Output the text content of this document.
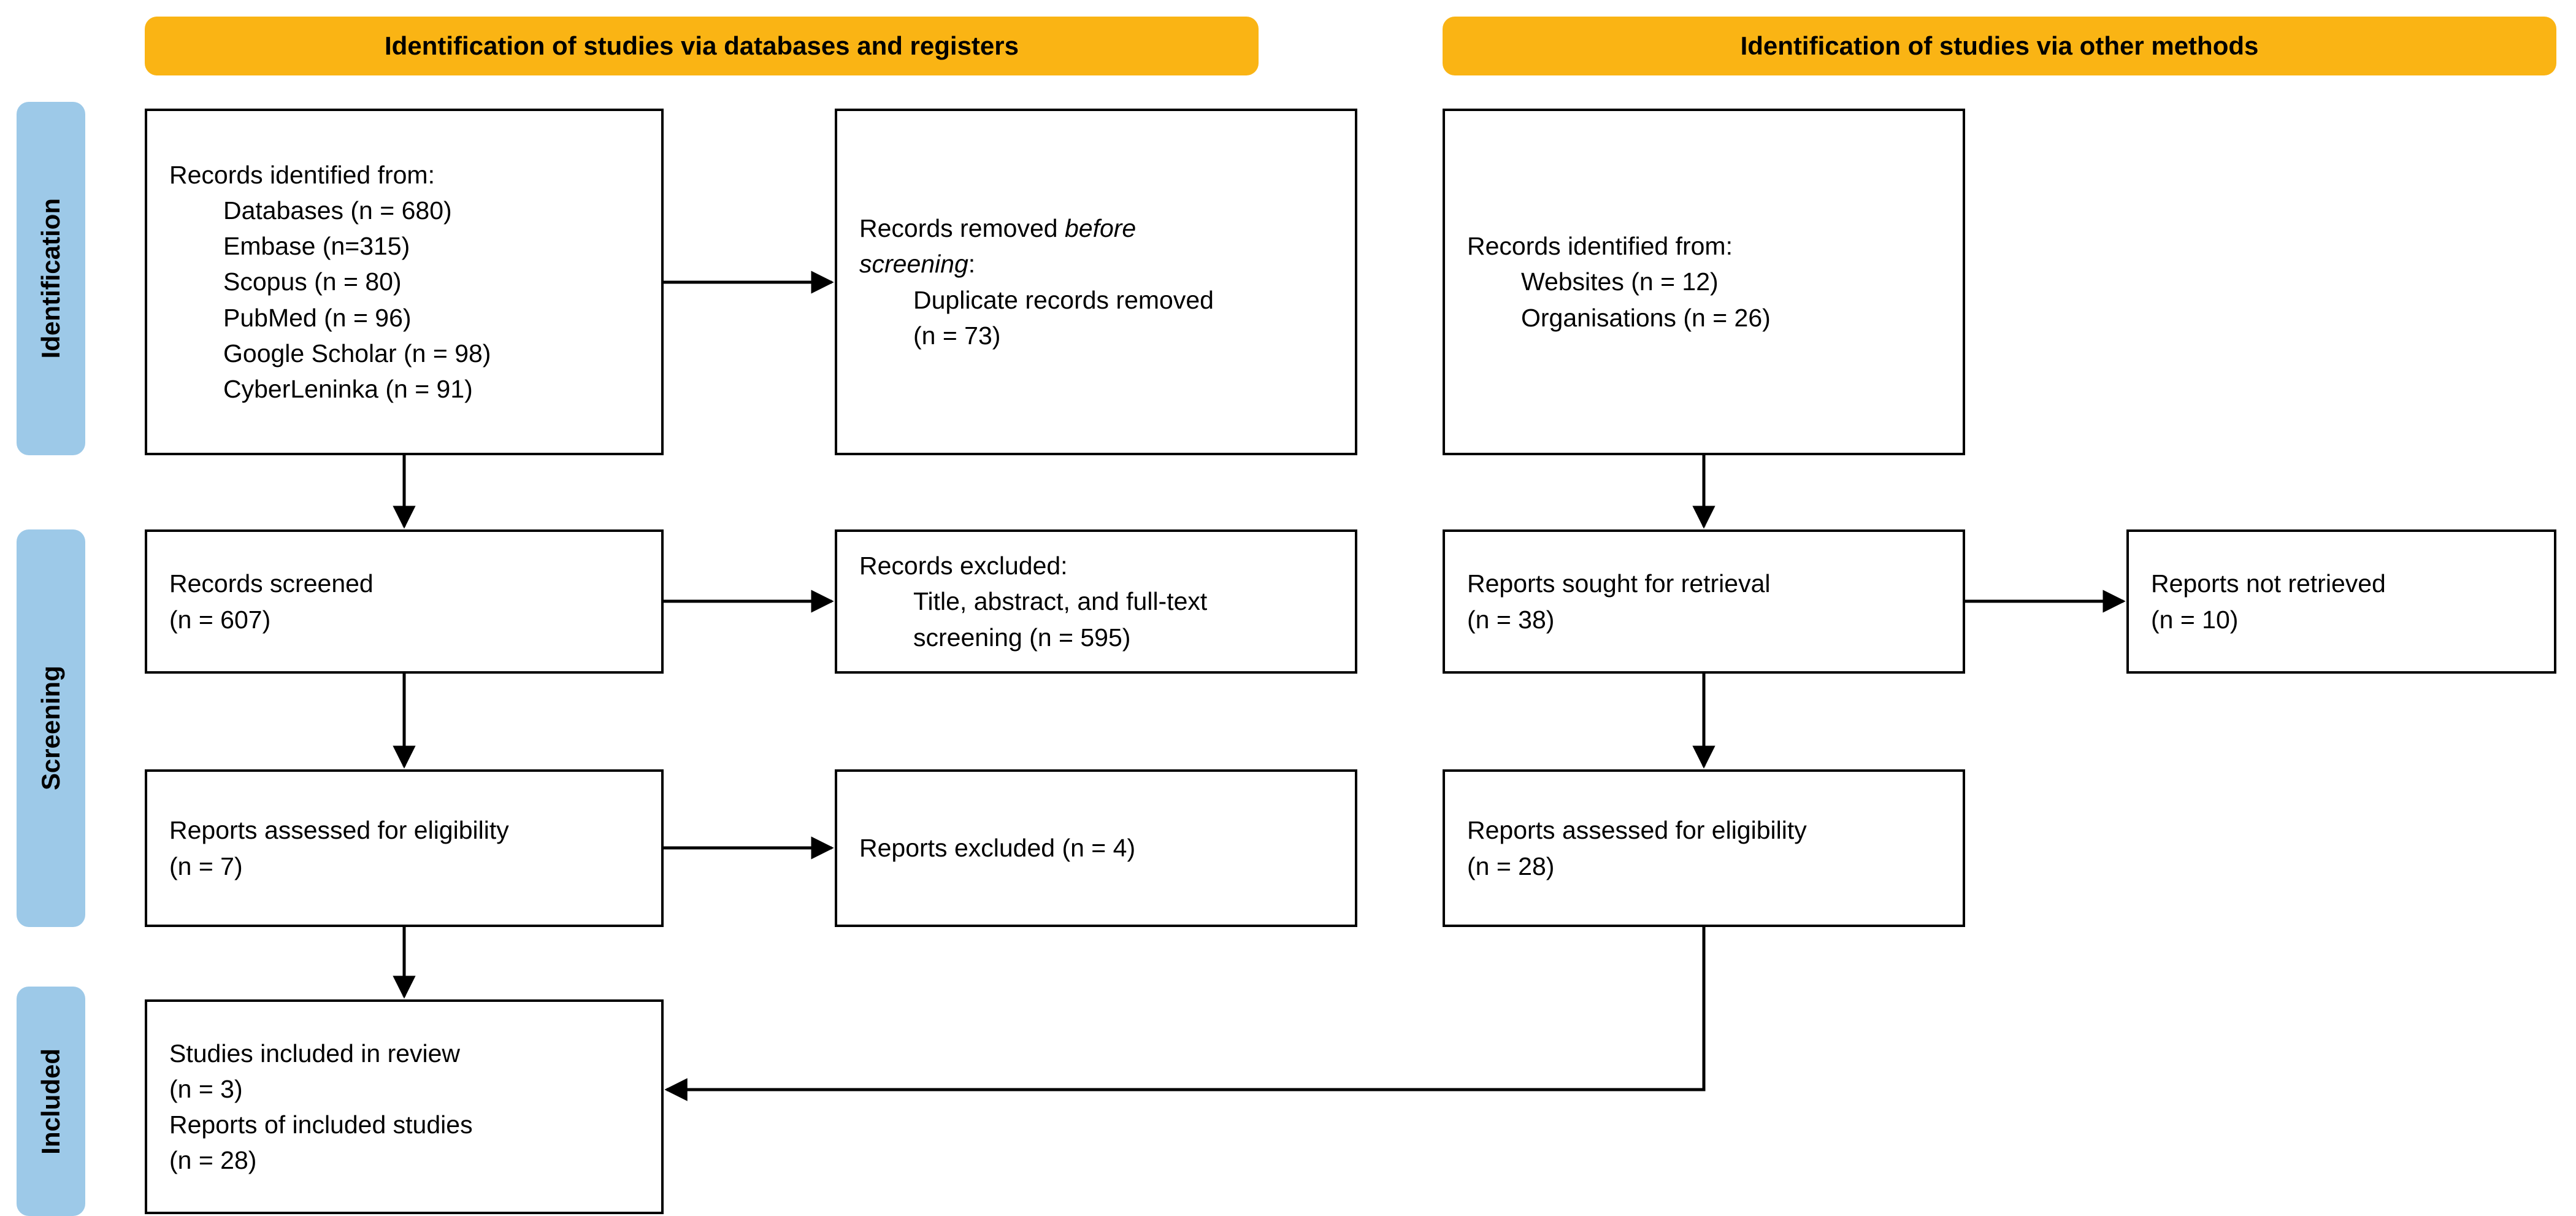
Identification of studies via databases and registers	Identification of studies via other methods
Identification
Screening
Included
Records identified from:
Databases (n = 680)
Embase (n=315)
Scopus (n = 80)
PubMed (n = 96)
Google Scholar (n = 98)
CyberLeninka (n = 91)
Records removed before
screening:
Duplicate records removed
(n = 73)
Records identified from:
Websites (n = 12)
Organisations (n = 26)
Records screened
(n = 607)
Records excluded:
Title, abstract, and full-text
screening (n = 595)
Reports sought for retrieval
(n = 38)
Reports not retrieved
(n = 10)
Reports assessed for eligibility
(n = 7)
Reports excluded (n = 4)
Reports assessed for eligibility
(n = 28)
Studies included in review
(n = 3)
Reports of included studies
(n = 28)
